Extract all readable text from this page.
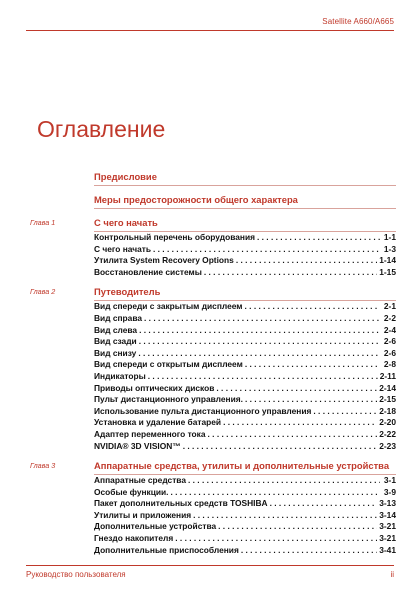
Satellite A660/A665
Оглавление
Предисловие
Меры предосторожности общего характера
Глава 1	С чего начать
Контрольный перечень оборудования . . .	1-1
С чего начать . . .	1-3
Утилита System Recovery Options . . .	1-14
Восстановление системы . . .	1-15
Глава 2	Путеводитель
Вид спереди с закрытым дисплеем . . .	2-1
Вид справа . . .	2-2
Вид слева . . .	2-4
Вид сзади . . .	2-6
Вид снизу . . .	2-6
Вид спереди с открытым дисплеем . . .	2-8
Индикаторы . . .	2-11
Приводы оптических дисков . . .	2-14
Пульт дистанционного управления. . . .	2-15
Использование пульта дистанционного управления . . .	2-18
Установка и удаление батарей . . .	2-20
Адаптер переменного тока . . .	2-22
NVIDIA® 3D VISION™ . . .	2-23
Глава 3	Аппаратные средства, утилиты и дополнительные устройства
Аппаратные средства . . .	3-1
Особые функции. . . .	3-9
Пакет дополнительных средств TOSHIBA . . .	3-13
Утилиты и приложения . . .	3-14
Дополнительные устройства . . .	3-21
Гнездо накопителя . . .	3-21
Дополнительные приспособления . . .	3-41
Руководство пользователя	ii
